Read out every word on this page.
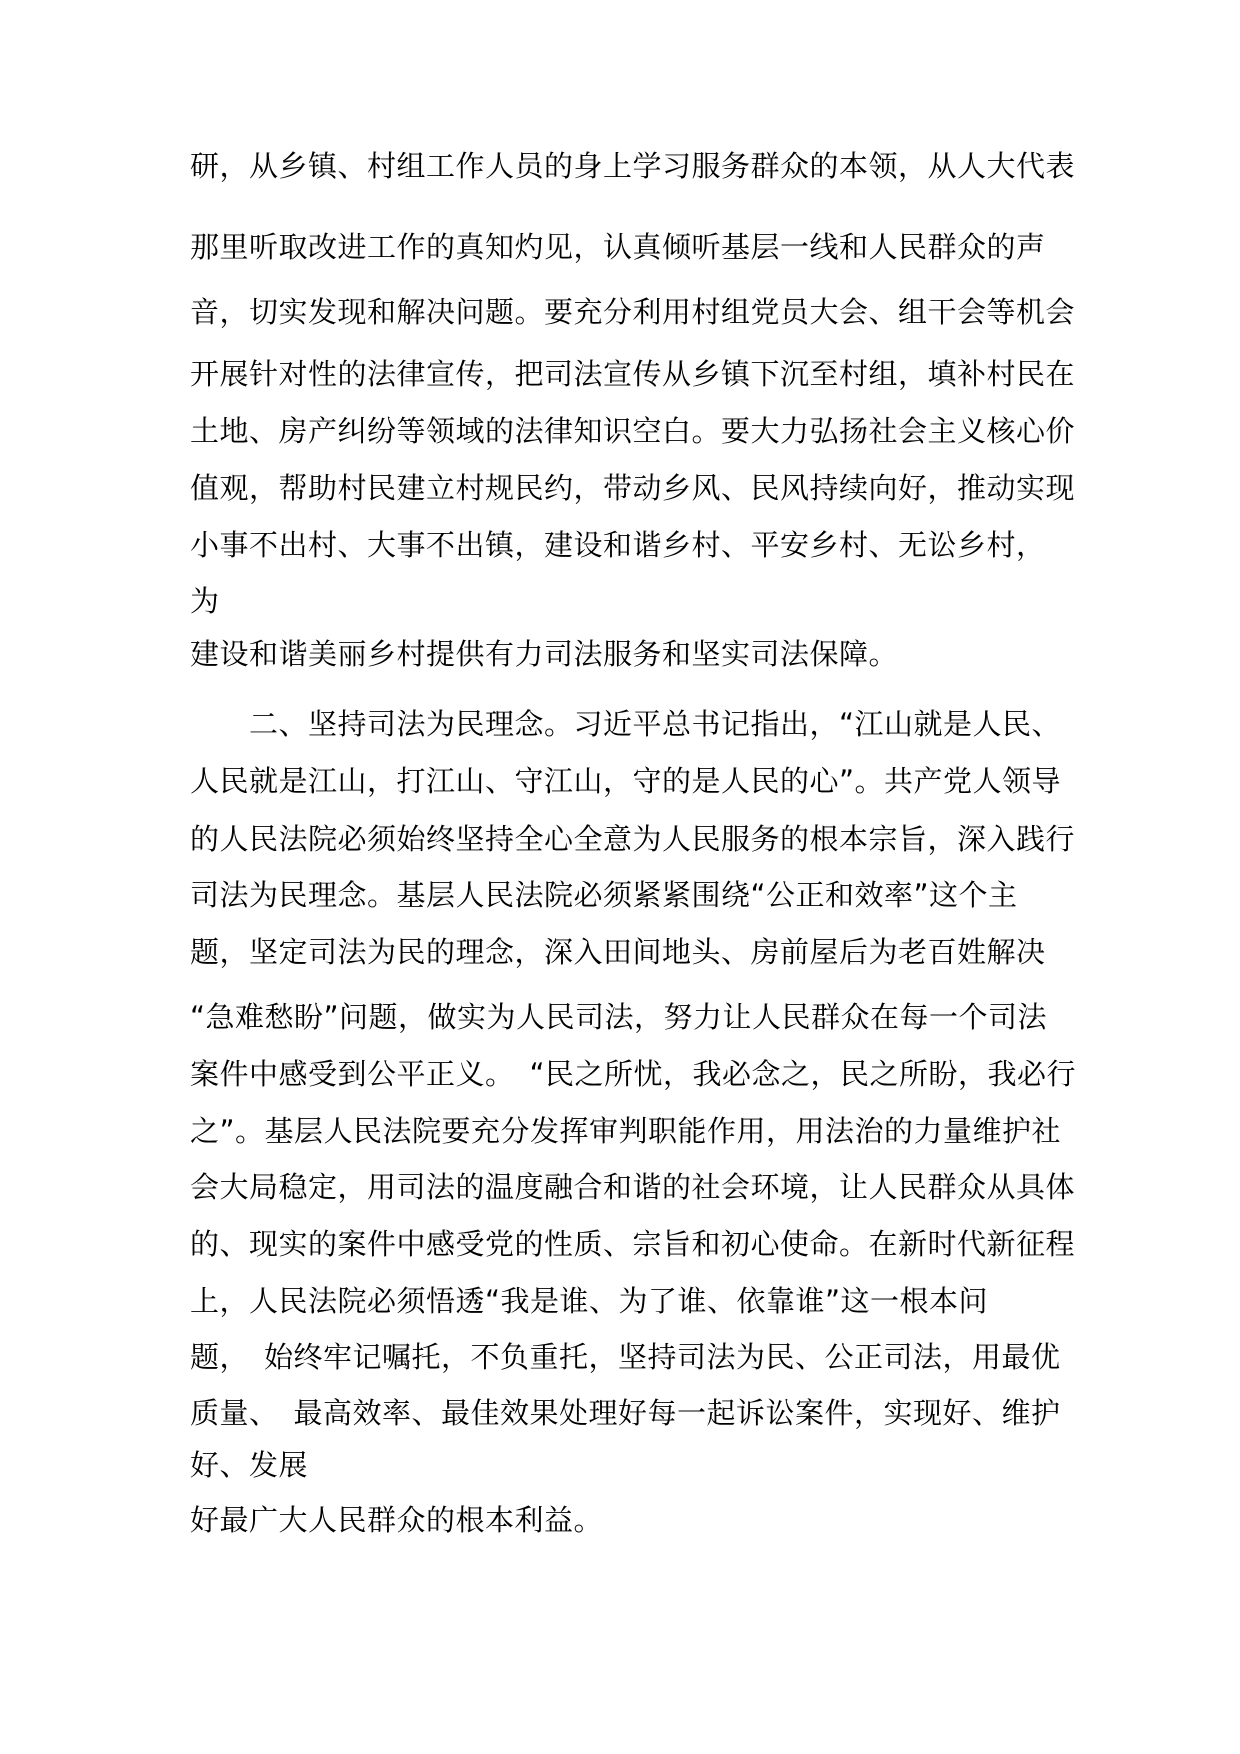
研，从乡镇、村组工作人员的身上学习服务群众的本领，从人大代表
那里听取改进工作的真知灼见，认真倾听基层一线和人民群众的声
音，切实发现和解决问题。要充分利用村组党员大会、组干会等机会
开展针对性的法律宣传，把司法宣传从乡镇下沉至村组，填补村民在
土地、房产纠纷等领域的法律知识空白。要大力弘扬社会主义核心价
值观，帮助村民建立村规民约，带动乡风、民风持续向好，推动实现
小事不出村、大事不出镇，建设和谐乡村、平安乡村、无讼乡村，
为
建设和谐美丽乡村提供有力司法服务和坚实司法保障。
　　二、坚持司法为民理念。习近平总书记指出，“江山就是人民、
人民就是江山，打江山、守江山，守的是人民的心”。共产党人领导
的人民法院必须始终坚持全心全意为人民服务的根本宗旨，深入践行
司法为民理念。基层人民法院必须紧紧围绕“公正和效率”这个主
题，坚定司法为民的理念，深入田间地头、房前屋后为老百姓解决
“急难愁盼”问题，做实为人民司法，努力让人民群众在每一个司法
案件中感受到公平正义。　“民之所忧，我必念之，民之所盼，我必行
之”。基层人民法院要充分发挥审判职能作用，用法治的力量维护社
会大局稳定，用司法的温度融合和谐的社会环境，让人民群众从具体
的、现实的案件中感受党的性质、宗旨和初心使命。在新时代新征程
上，人民法院必须悟透“我是谁、为了谁、依靠谁”这一根本问
题，　始终牢记嘱托，不负重托，坚持司法为民、公正司法，用最优
质量、　最高效率、最佳效果处理好每一起诉讼案件，实现好、维护
好、发展
好最广大人民群众的根本利益。
